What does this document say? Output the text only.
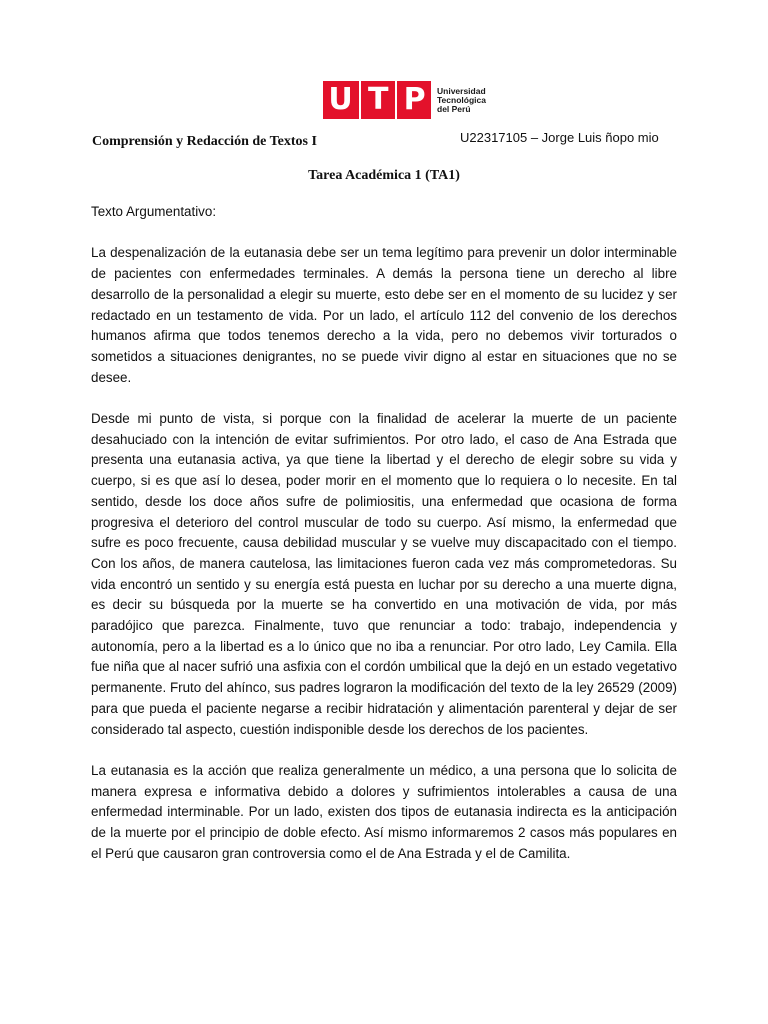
U T P Universidad
Tecnológica
del Perú
Comprensión y Redacción de Textos I	U22317105 – Jorge Luis ñopo mio
Tarea Académica 1 (TA1)

Texto Argumentativo:

La despenalización de la eutanasia debe ser un tema legítimo para prevenir un dolor interminable de pacientes con enfermedades terminales. A demás la persona tiene un derecho al libre desarrollo de la personalidad a elegir su muerte, esto debe ser en el momento de su lucidez y ser redactado en un testamento de vida. Por un lado, el artículo 112 del convenio de los derechos humanos afirma que todos tenemos derecho a la vida, pero no debemos vivir torturados o sometidos a situaciones denigrantes, no se puede vivir digno al estar en situaciones que no se desee.

Desde mi punto de vista, si porque con la finalidad de acelerar la muerte de un paciente desahuciado con la intención de evitar sufrimientos. Por otro lado, el caso de Ana Estrada que presenta una eutanasia activa, ya que tiene la libertad y el derecho de elegir sobre su vida y cuerpo, si es que así lo desea, poder morir en el momento que lo requiera o lo necesite. En tal sentido, desde los doce años sufre de polimiositis, una enfermedad que ocasiona de forma progresiva el deterioro del control muscular de todo su cuerpo. Así mismo, la enfermedad que sufre es poco frecuente, causa debilidad muscular y se vuelve muy discapacitado con el tiempo. Con los años, de manera cautelosa, las limitaciones fueron cada vez más comprometedoras. Su vida encontró un sentido y su energía está puesta en luchar por su derecho a una muerte digna, es decir su búsqueda por la muerte se ha convertido en una motivación de vida, por más paradójico que parezca. Finalmente, tuvo que renunciar a todo: trabajo, independencia y autonomía, pero a la libertad es a lo único que no iba a renunciar. Por otro lado, Ley Camila. Ella fue niña que al nacer sufrió una asfixia con el cordón umbilical que la dejó en un estado vegetativo permanente. Fruto del ahínco, sus padres lograron la modificación del texto de la ley 26529 (2009) para que pueda el paciente negarse a recibir hidratación y alimentación parenteral y dejar de ser considerado tal aspecto, cuestión indisponible desde los derechos de los pacientes.

La eutanasia es la acción que realiza generalmente un médico, a una persona que lo solicita de manera expresa e informativa debido a dolores y sufrimientos intolerables a causa de una enfermedad interminable. Por un lado, existen dos tipos de eutanasia indirecta es la anticipación de la muerte por el principio de doble efecto. Así mismo informaremos 2 casos más populares en el Perú que causaron gran controversia como el de Ana Estrada y el de Camilita.
